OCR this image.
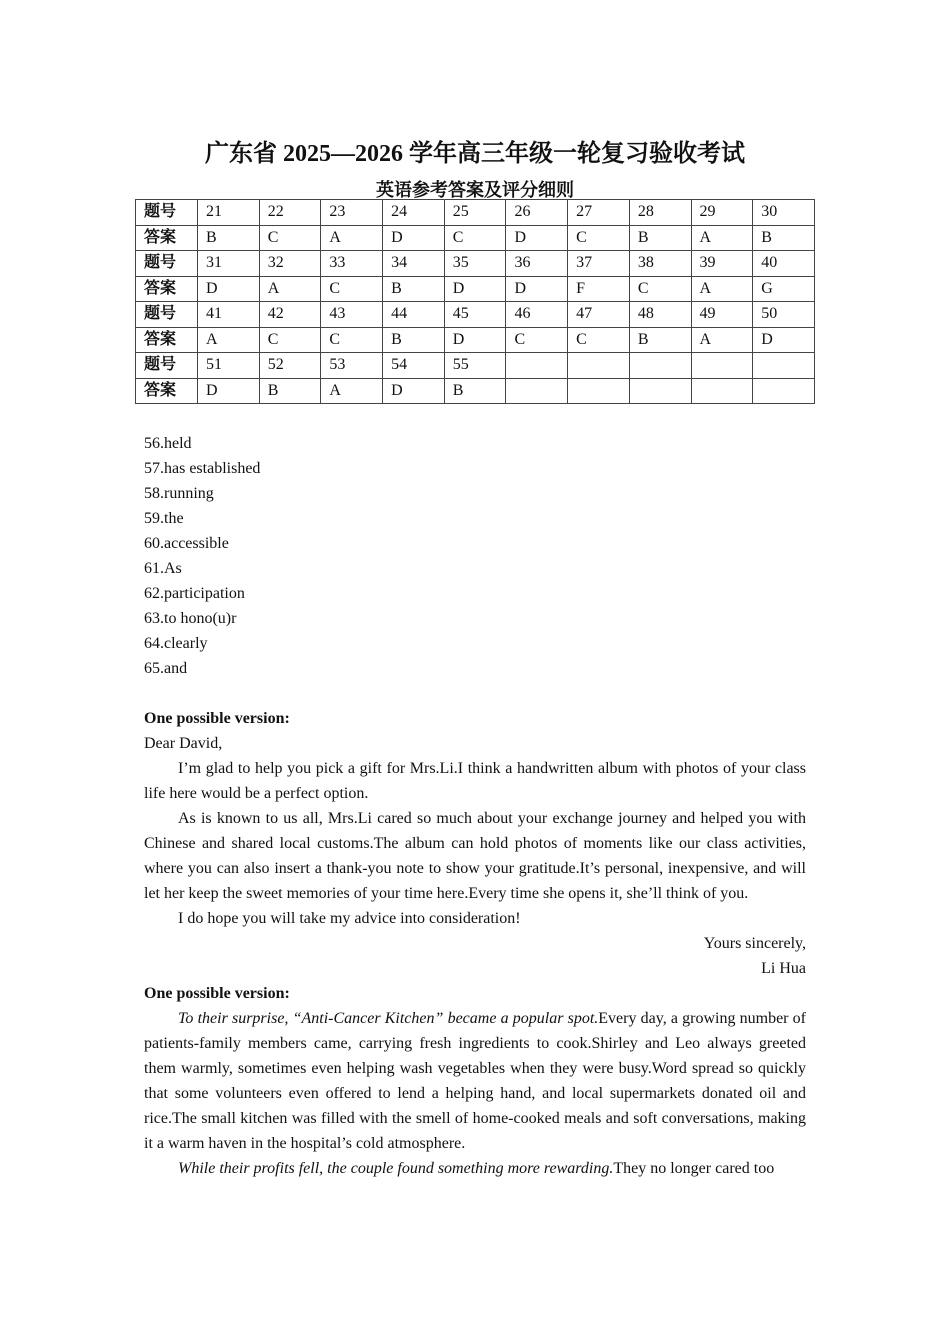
广东省 2025—2026 学年高三年级一轮复习验收考试
英语参考答案及评分细则
题号	21	22	23	24	25	26	27	28	29	30
答案	B	C	A	D	C	D	C	B	A	B
题号	31	32	33	34	35	36	37	38	39	40
答案	D	A	C	B	D	D	F	C	A	G
题号	41	42	43	44	45	46	47	48	49	50
答案	A	C	C	B	D	C	C	B	A	D
题号	51	52	53	54	55					
答案	D	B	A	D	B					
56.held
57.has established
58.running
59.the
60.accessible
61.As
62.participation
63.to hono(u)r
64.clearly
65.and

One possible version:

Dear David,

I’m glad to help you pick a gift for Mrs.Li.I think a handwritten album with photos of your class life here would be a perfect option.

As is known to us all, Mrs.Li cared so much about your exchange journey and helped you with Chinese and shared local customs.The album can hold photos of moments like our class activities, where you can also insert a thank-you note to show your gratitude.It’s personal, inexpensive, and will let her keep the sweet memories of your time here.Every time she opens it, she’ll think of you.

I do hope you will take my advice into consideration!

Yours sincerely,

Li Hua

One possible version:

To their surprise, “Anti-Cancer Kitchen” became a popular spot.Every day, a growing number of patients-family members came, carrying fresh ingredients to cook.Shirley and Leo always greeted them warmly, sometimes even helping wash vegetables when they were busy.Word spread so quickly that some volunteers even offered to lend a helping hand, and local supermarkets donated oil and rice.The small kitchen was filled with the smell of home-cooked meals and soft conversations, making it a warm haven in the hospital’s cold atmosphere.

While their profits fell, the couple found something more rewarding.They no longer cared too
